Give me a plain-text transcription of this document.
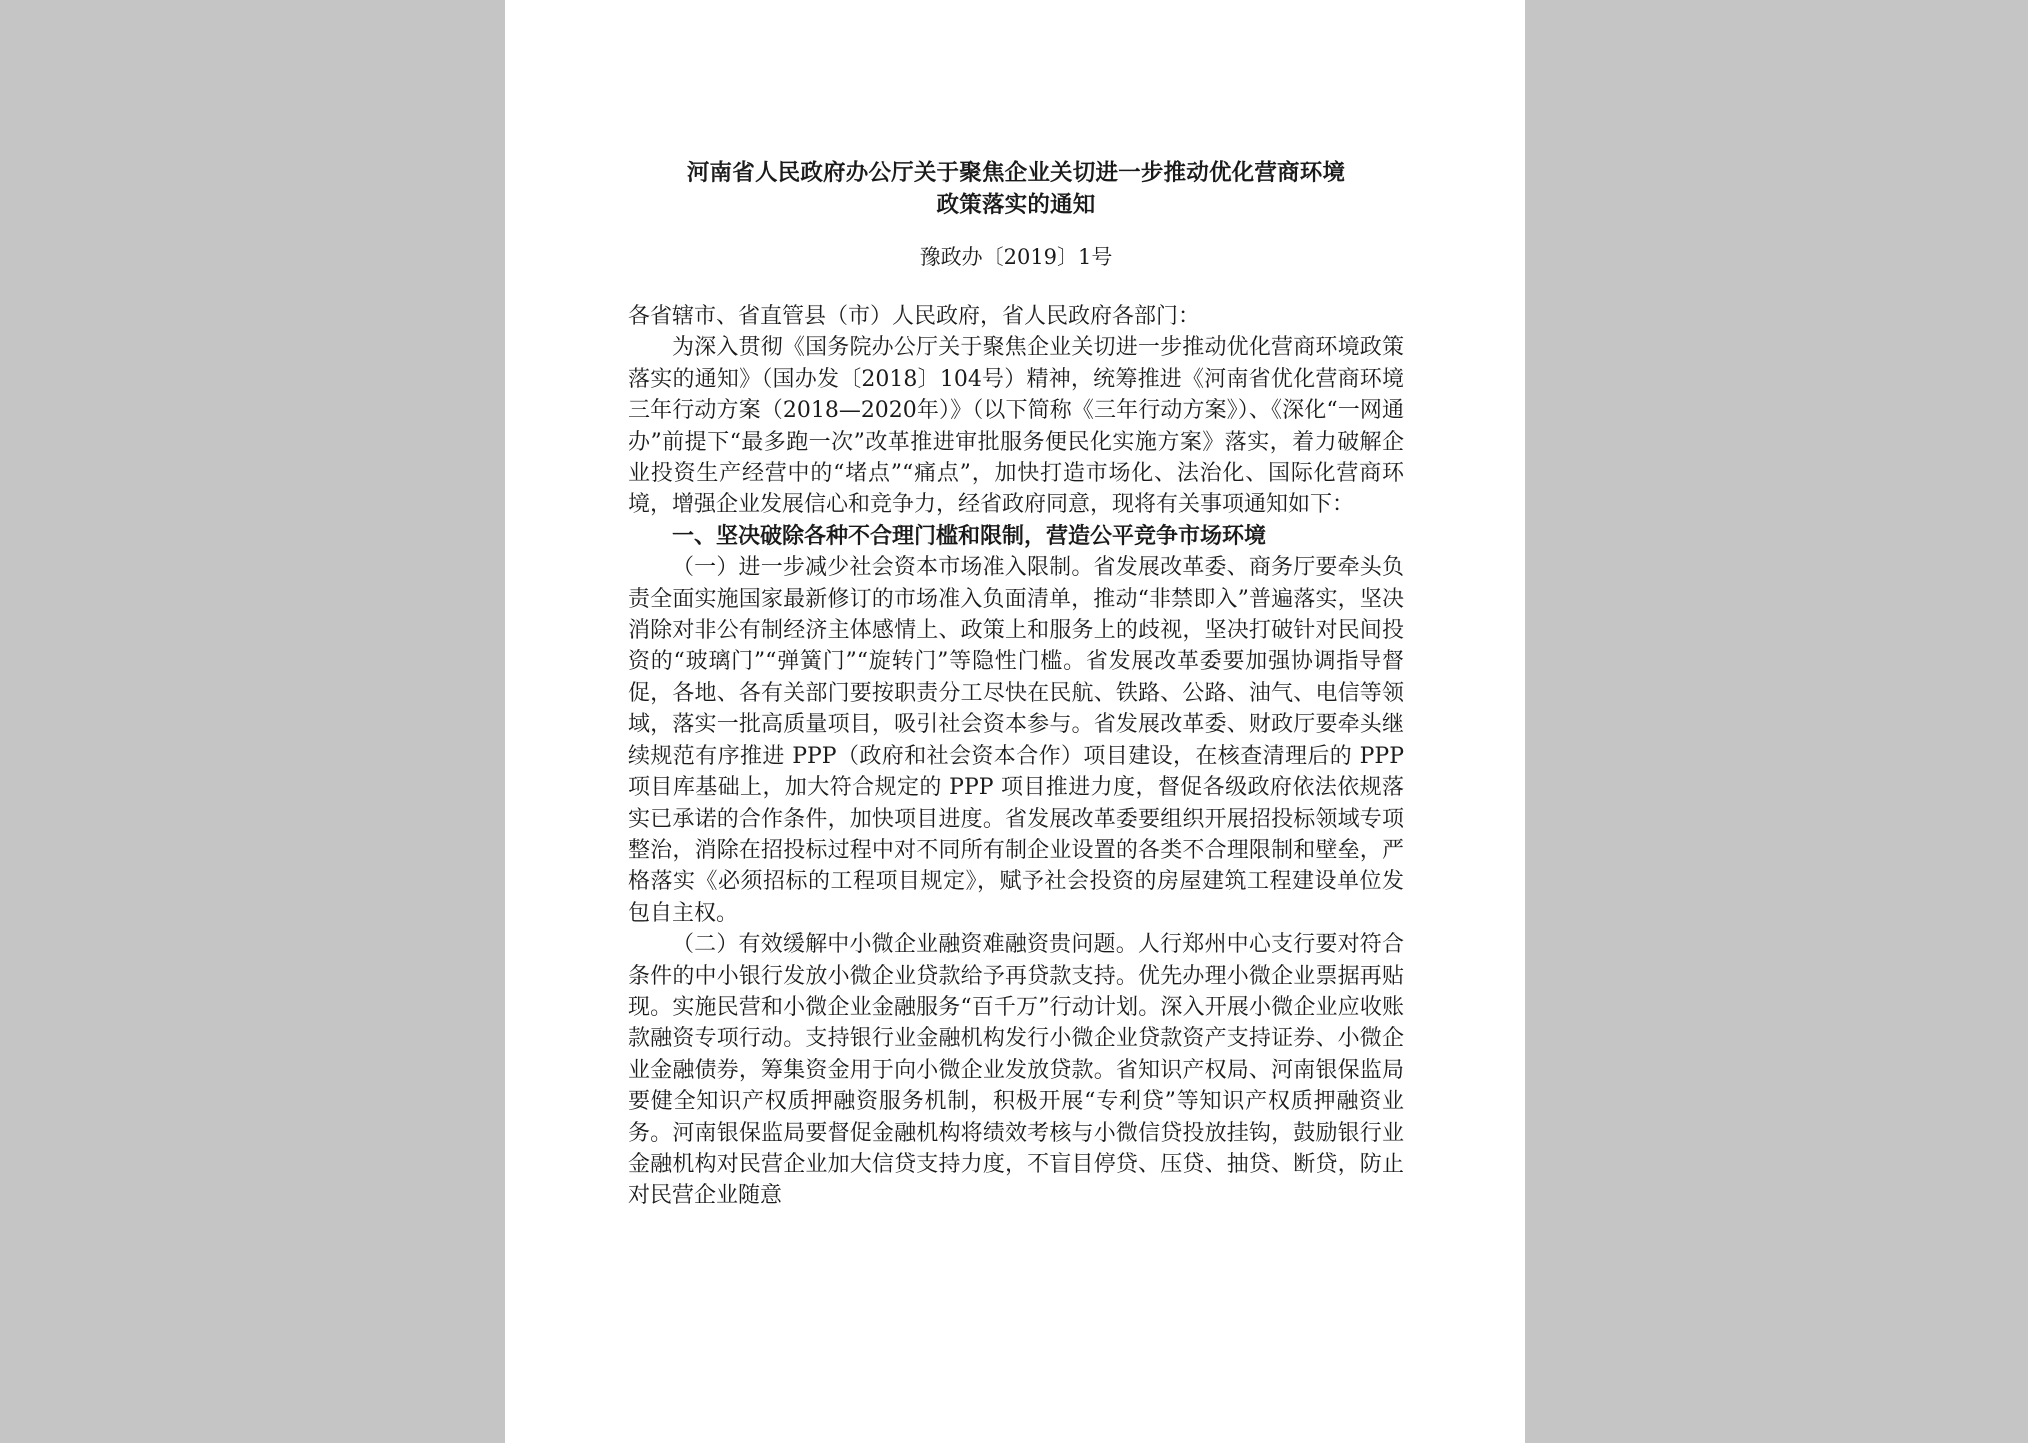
河南省人民政府办公厅关于聚焦企业关切进一步推动优化营商环境
政策落实的通知
豫政办〔2019〕1号

各省辖市、省直管县（市）人民政府，省人民政府各部门：

为深入贯彻《国务院办公厅关于聚焦企业关切进一步推动优化营商环境政策落实的通知》（国办发〔2018〕104号）精神，统筹推进《河南省优化营商环境三年行动方案（2018—2020年）》（以下简称《三年行动方案》）、《深化“一网通办”前提下“最多跑一次”改革推进审批服务便民化实施方案》落实，着力破解企业投资生产经营中的“堵点”“痛点”，加快打造市场化、法治化、国际化营商环境，增强企业发展信心和竞争力，经省政府同意，现将有关事项通知如下：

一、坚决破除各种不合理门槛和限制，营造公平竞争市场环境

（一）进一步减少社会资本市场准入限制。省发展改革委、商务厅要牵头负责全面实施国家最新修订的市场准入负面清单，推动“非禁即入”普遍落实，坚决消除对非公有制经济主体感情上、政策上和服务上的歧视，坚决打破针对民间投资的“玻璃门”“弹簧门”“旋转门”等隐性门槛。省发展改革委要加强协调指导督促，各地、各有关部门要按职责分工尽快在民航、铁路、公路、油气、电信等领域，落实一批高质量项目，吸引社会资本参与。省发展改革委、财政厅要牵头继续规范有序推进 PPP（政府和社会资本合作）项目建设，在核查清理后的 PPP 项目库基础上，加大符合规定的 PPP 项目推进力度，督促各级政府依法依规落实已承诺的合作条件，加快项目进度。省发展改革委要组织开展招投标领域专项整治，消除在招投标过程中对不同所有制企业设置的各类不合理限制和壁垒，严格落实《必须招标的工程项目规定》，赋予社会投资的房屋建筑工程建设单位发包自主权。

（二）有效缓解中小微企业融资难融资贵问题。人行郑州中心支行要对符合条件的中小银行发放小微企业贷款给予再贷款支持。优先办理小微企业票据再贴现。实施民营和小微企业金融服务“百千万”行动计划。深入开展小微企业应收账款融资专项行动。支持银行业金融机构发行小微企业贷款资产支持证券、小微企业金融债券，筹集资金用于向小微企业发放贷款。省知识产权局、河南银保监局要健全知识产权质押融资服务机制，积极开展“专利贷”等知识产权质押融资业务。河南银保监局要督促金融机构将绩效考核与小微信贷投放挂钩，鼓励银行业金融机构对民营企业加大信贷支持力度，不盲目停贷、压贷、抽贷、断贷，防止对民营企业随意
